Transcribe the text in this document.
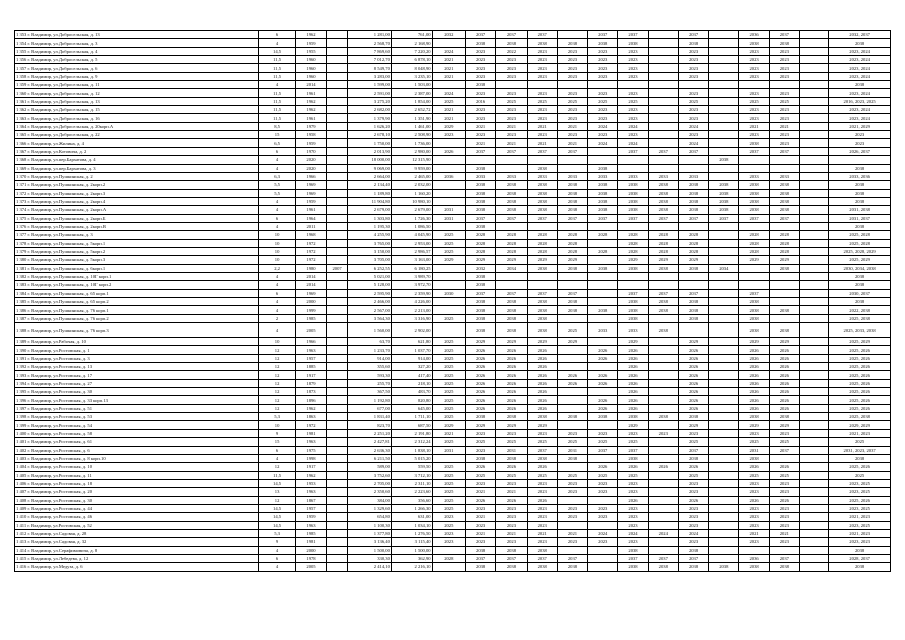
1 353 г. Владимир, ул.Добросельская, д. 13	6	1962		1 281,00	761,00	2032	2037	2037	2037		2037	2037		2037		2036	2037		2032, 2037
1 354 г. Владимир, ул.Добросельская, д. 3	4	1959		2 568,70	2 168,90		2038	2038	2038	2038	2038	2038		2038		2038	2038		2038
1 355 г. Владимир, ул.Добросельская, д. 4	14,5	1955		7 869,60	7 220,20	2024	2023	2022	2023	2023	2023	2023		2023		2023	2023		2023, 2024
1 356 г. Владимир, ул.Добросельская, д. 5	11,5	1960		7 012,70	6 878,10	2021	2023	2023	2023	2023	2023	2023		2023		2023	2023		2023, 2024
1 357 г. Владимир, ул.Добросельская, д. 6	11,5	1960		8 549,70	8 048,90	2021	2023	2023	2023	2023	2023	2023		2023		2023	2023		2023, 2024
1 358 г. Владимир, ул.Добросельская, д. 9	11,5	1960		3 283,00	3 235,10	2021	2023	2023	2023	2023	2023	2023		2023		2023	2023		2023, 2024
1 359 г. Владимир, ул.Добросельская, д. 11	4	2014		1 599,00	1 503,00		2038												2038
1 360 г. Владимир, ул.Добросельская, д. 12	11,5	1961		2 591,00	2 387,00	2024	2023	2023	2023	2023	2023	2023		2023		2023	2023		2023, 2024
1 361 г. Владимир, ул.Добросельская, д. 13	11,5	1962		3 275,20	1 854,00	2025	2016	2025	2025	2025	2025	2025		2025		2025	2025		2016, 2023, 2025
1 362 г. Владимир, ул.Добросельская, д. 15	11,5	1962		2 682,00	2 652,72	2021	2023	2023	2023	2023	2023	2023		2023		2023	2023		2023, 2024
1 363 г. Владимир, ул.Добросельская, д. 16	11,5	1961		1 379,90	1 351,90	2021	2023	2023	2023	2023	2023	2023		2023		2023	2023		2023, 2024
1 364 г. Владимир, ул.Добросельская, д. 20корп.А	8,5	1979		1 626,20	1 461,00	2029	2021	2021	2021	2021	2024	2024		2024		2021	2021		2021, 2029
1 365 г. Владимир, ул.Добросельская, д. 22	15	1958		2 678,10	2 508,90	2023	2023	2023	2023	2023	2023	2023		2023		2023	2023		2023
1 366 г. Владимир, ул.Жилина, д. 4	6,5	1959		1 750,00	1 736,00		2021	2021	2021	2021	2024	2024		2024		2038	2023		2023
1 367 г. Владимир, ул.Котовича, д. 2	6	1970		2 013,90	2 980,00	2026	2037	2037	2037	2037		2037	2037	2037		2037	2037		2026, 2037
1 368 г. Владимир, ул.пер.Бархатова, д. 4	4	2020		18 000,00	12 315,90										2038				
1 369 г. Владимир, ул.пер.Бархатова, д. 3	4	2020		9 069,00	9 959,00		2038		2038		2038								2038
1 370 г. Владимир, ул.Пушкинская, д. 2	6,3	1966		2 664,00	2 465,00	2036	2033	2033	2033	2033	2033	2033	2033	2033		2033	2033		2033, 2036
1 371 г. Владимир, ул.Пушкинская, д. 2корп.2	5,5	1969		2 134,40	2 032,00		2038	2038	2038	2038	2038	2038	2038	2038	2038	2038	2038		2038
1 372 г. Владимир, ул.Пушкинская, д. 2корп.3	5,5	1969		1 189,80	1 160,20		2038	2038	2038	2038	2038	2038	2038	2038	2038	2038	2038		2038
1 373 г. Владимир, ул.Пушкинская, д. 2корп.4	4	1959		11 904,80	10 980,10		2038	2038	2038	2038	2038	2038	2038	2038	2038	2038	2038		2038
1 374 г. Владимир, ул.Пушкинская, д. 2корп.А	4	1961		2 679,00	2 679,00	2031	2038	2038	2038	2038	2038	2038	2038	2038	2038	2038	2038		2031, 2038
1 375 г. Владимир, ул.Пушкинская, д. 2корп.Б	6	1964		1 303,80	1 726,30	2031	2037	2037	2037	2037	2037	2037	2037	2037	2037	2037	2037		2031, 2037
1 376 г. Владимир, ул.Пушкинская, д. 2корп.В	4	2011		1 195,30	1 086,50		2038												2038
1 377 г. Владимир, ул.Пушкинская, д. 3	10	1968		4 255,90	4 045,90	2025	2028	2028	2028	2028	2028	2028	2028	2028		2028	2028		2025, 2028
1 378 г. Владимир, ул.Пушкинская, д. 5корп.1	10	1972		3 765,00	2 953,00	2025	2028	2028	2028	2028		2028	2028	2028		2028	2028		2025, 2028
1 379 г. Владимир, ул.Пушкинская, д. 5корп.2	10	1972		3 150,00	2 986,57	2025	2028	2028	2028	2028	2028	2028	2028	2028		2028	2028		2025, 2028, 2029
1 380 г. Владимир, ул.Пушкинская, д. 5корп.3	10	1972		3 705,00	3 163,00	2029	2029	2029	2029	2029		2029	2029	2029		2029	2029		2025, 2029
1 381 г. Владимир, ул.Пушкинская, д. 6корп.1	2,2	1980	2007	6 252,55	6 180,25		2032	2034	2038	2038	2038	2038	2038	2038	2034		2038		2030, 2034, 2038
1 382 г. Владимир, ул.Пушкинская, д. 10Г корп.1	4	2014		5 021,00	3 989,70		2038												2038
1 383 г. Владимир, ул.Пушкинская, д. 10Г корп.2	4	2014		5 128,00	3 972,70		2038												2038
1 384 г. Владимир, ул.Пушкинская, д. 65 корп.1	6	1969		2 595,90	2 359,90	2030	2037	2037	2037	2037		2037	2037	2037		2037			2030, 2037
1 385 г. Владимир, ул.Пушкинская, д. 65 корп.2	4	2000		2 466,00	4 226,00		2038	2038	2038	2038		2038	2038	2038		2038			2038
1 386 г. Владимир, ул.Пушкинская, д. 76 корп.1	4	1999		2 567,00	2 213,00		2038	2038	2038	2038	2038	2038	2038	2038		2038	2038		2022, 2038
1 387 г. Владимир, ул.Пушкинская, д. 76 корп.2	2	1985		3 564,30	3 316,90	2025	2038	2038	2038			2038		2038		2038			2025, 2038
1 388 г. Владимир, ул.Пушкинская, д. 76 корп.3	4	2005		1 560,00	2 902,00		2038	2038	2038	2025	2033	2033	2038			2038	2038		2025, 2033, 2038
1 389 г. Владимир, ул.Рабочая, д. 10	10	1966		63,70	621,80	2025	2029	2029	2029	2029		2029		2029		2029	2029		2025, 2029
1 390 г. Владимир, ул.Ростовская, д. 1	12	1963		1 233,70	1 037,70	2025	2026	2026	2026		2026	2026		2026		2026	2026		2025, 2026
1 391 г. Владимир, ул.Ростовская, д. 3	12	1957		914,00	914,00	2025	2026	2026	2026		2026	2026		2026		2026	2026		2025, 2026
1 392 г. Владимир, ул.Ростовская, д. 13	12	1885		355,60	327,20	2025	2026	2026	2026			2026		2026		2026	2026		2025, 2026
1 393 г. Владимир, ул.Ростовская, д. 17	12	1917		593,30	417,40	2025	2026	2026	2026	2026	2026	2026		2026		2026	2026		2025, 2026
1 394 г. Владимир, ул.Ростовская, д. 27	12	1879		255,70	218,10	2025	2026	2026	2026	2026	2026	2026		2026		2026	2026		2025, 2026
1 395 г. Владимир, ул.Ростовская, д. 30	12	1873		367,50	483,70	2025	2026	2026	2026			2026		2026		2026	2026		2025, 2026
1 396 г. Владимир, ул.Ростовская, д. 33 корп.13	12	1896		1 192,80	820,80	2025	2026	2026	2026		2026	2026		2026		2026	2026		2025, 2026
1 397 г. Владимир, ул.Ростовская, д. 51	12	1962		677,00	645,00	2025	2026	2026	2026		2026	2026		2026		2026	2026		2025, 2026
1 398 г. Владимир, ул.Ростовская, д. 53	5,3	1863		1 831,40	1 711,10	2025	2038	2038	2038	2038	2038	2038	2038	2038		2038	2038		2025, 2038
1 399 г. Владимир, ул.Ростовская, д. 54	10	1972		823,70	687,50	2029	2029	2029	2029			2029		2029		2029	2029		2029, 2029
1 400 г. Владимир, ул.Ростовская, д. 58	9	1981		2 251,20	2 191,80	2021	2023	2023	2023	2023	2023	2023	2023	2023		2023	2023		2021, 2023
1 401 г. Владимир, ул.Ростовская, д. 61	15	1963		2 427,81	2 312,24	2025	2025	2025	2025	2025	2025	2025		2025		2025	2025		2025
1 402 г. Владимир, ул.Ростовская, д. 6	6	1975		2 636,30	1 838,10	2031	2023	2031	2037	2031	2037	2037		2037		2031	2037		2031, 2023, 2037
1 403 г. Владимир, ул.Ростовская, д. 8 корп.10	4	1998		6 211,50	5 015,20		2038	2038	2038	2038		2038		2038		2038			2038
1 404 г. Владимир, ул.Ростовская, д. 10	12	1917		589,00	559,50	2025	2026	2026	2026		2026	2026	2026	2026		2026	2026		2025, 2026
1 405 г. Владимир, ул.Ростовская, д. 11	11,5	1962		3 752,60	3 712,10	2025	2025	2025	2025	2025	2025	2025		2025		2025	2025		2025
1 406 г. Владимир, ул.Ростовская, д. 18	14,5	1953		2 705,00	2 311,10	2025	2023	2023	2023	2023	2023	2023		2023		2023	2023		2023, 2025
1 407 г. Владимир, ул.Ростовская, д. 20	13	1963		2 350,60	2 223,60	2025	2021	2021	2023	2023	2023	2023		2023		2023	2023		2023, 2025
1 408 г. Владимир, ул.Ростовская, д. 30	12	1867		384,00	356,60	2025	2026	2026	2026			2026		2026		2026	2026		2025, 2026
1 409 г. Владимир, ул.Ростовская, д. 44	14,5	1957		1 329,60	1 266,30	2025	2023	2023	2023	2023	2023	2023		2023		2023	2023		2023, 2025
1 410 г. Владимир, ул.Ростовская, д. 46	14,5	1959		654,80	631,00	2023	2021	2023	2023	2023	2023	2023		2023		2023	2023		2021, 2023
1 411 г. Владимир, ул.Ростовская, д. 52	14,5	1963		1 100,30	1 034,10	2025	2023	2023	2023			2023		2023		2023	2023		2023, 2025
1 412 г. Владимир, ул.Садовая, д. 28	5,3	1985		1 377,80	1 276,50	2023	2021	2021	2021	2021	2024	2024	2024	2024		2021	2021		2021, 2023
1 413 г. Владимир, ул.Садовая, д. 32	9	1981		3 136,40	3 115,40	2023	2023	2023	2023	2023	2023	2023		2023		2023	2023		2023, 2023
1 414 г. Владимир, ул.Серафимовича, д. 8	4	2000		1 500,00	1 500,00		2038	2038	2038			2038		2038					2038
1 415 г. Владимир, ул.Лебедева, д. 12	6	1978		330,30	362,90	2028	2037	2037	2037	2037		2037	2037	2037		2036	2037		2028, 2037
1 416 г. Владимир, ул.Медуза, д. 6	4	2005		2 414,10	2 216,10		2038	2038	2038	2038		2038	2038	2038	2038	2038	2038		2038
